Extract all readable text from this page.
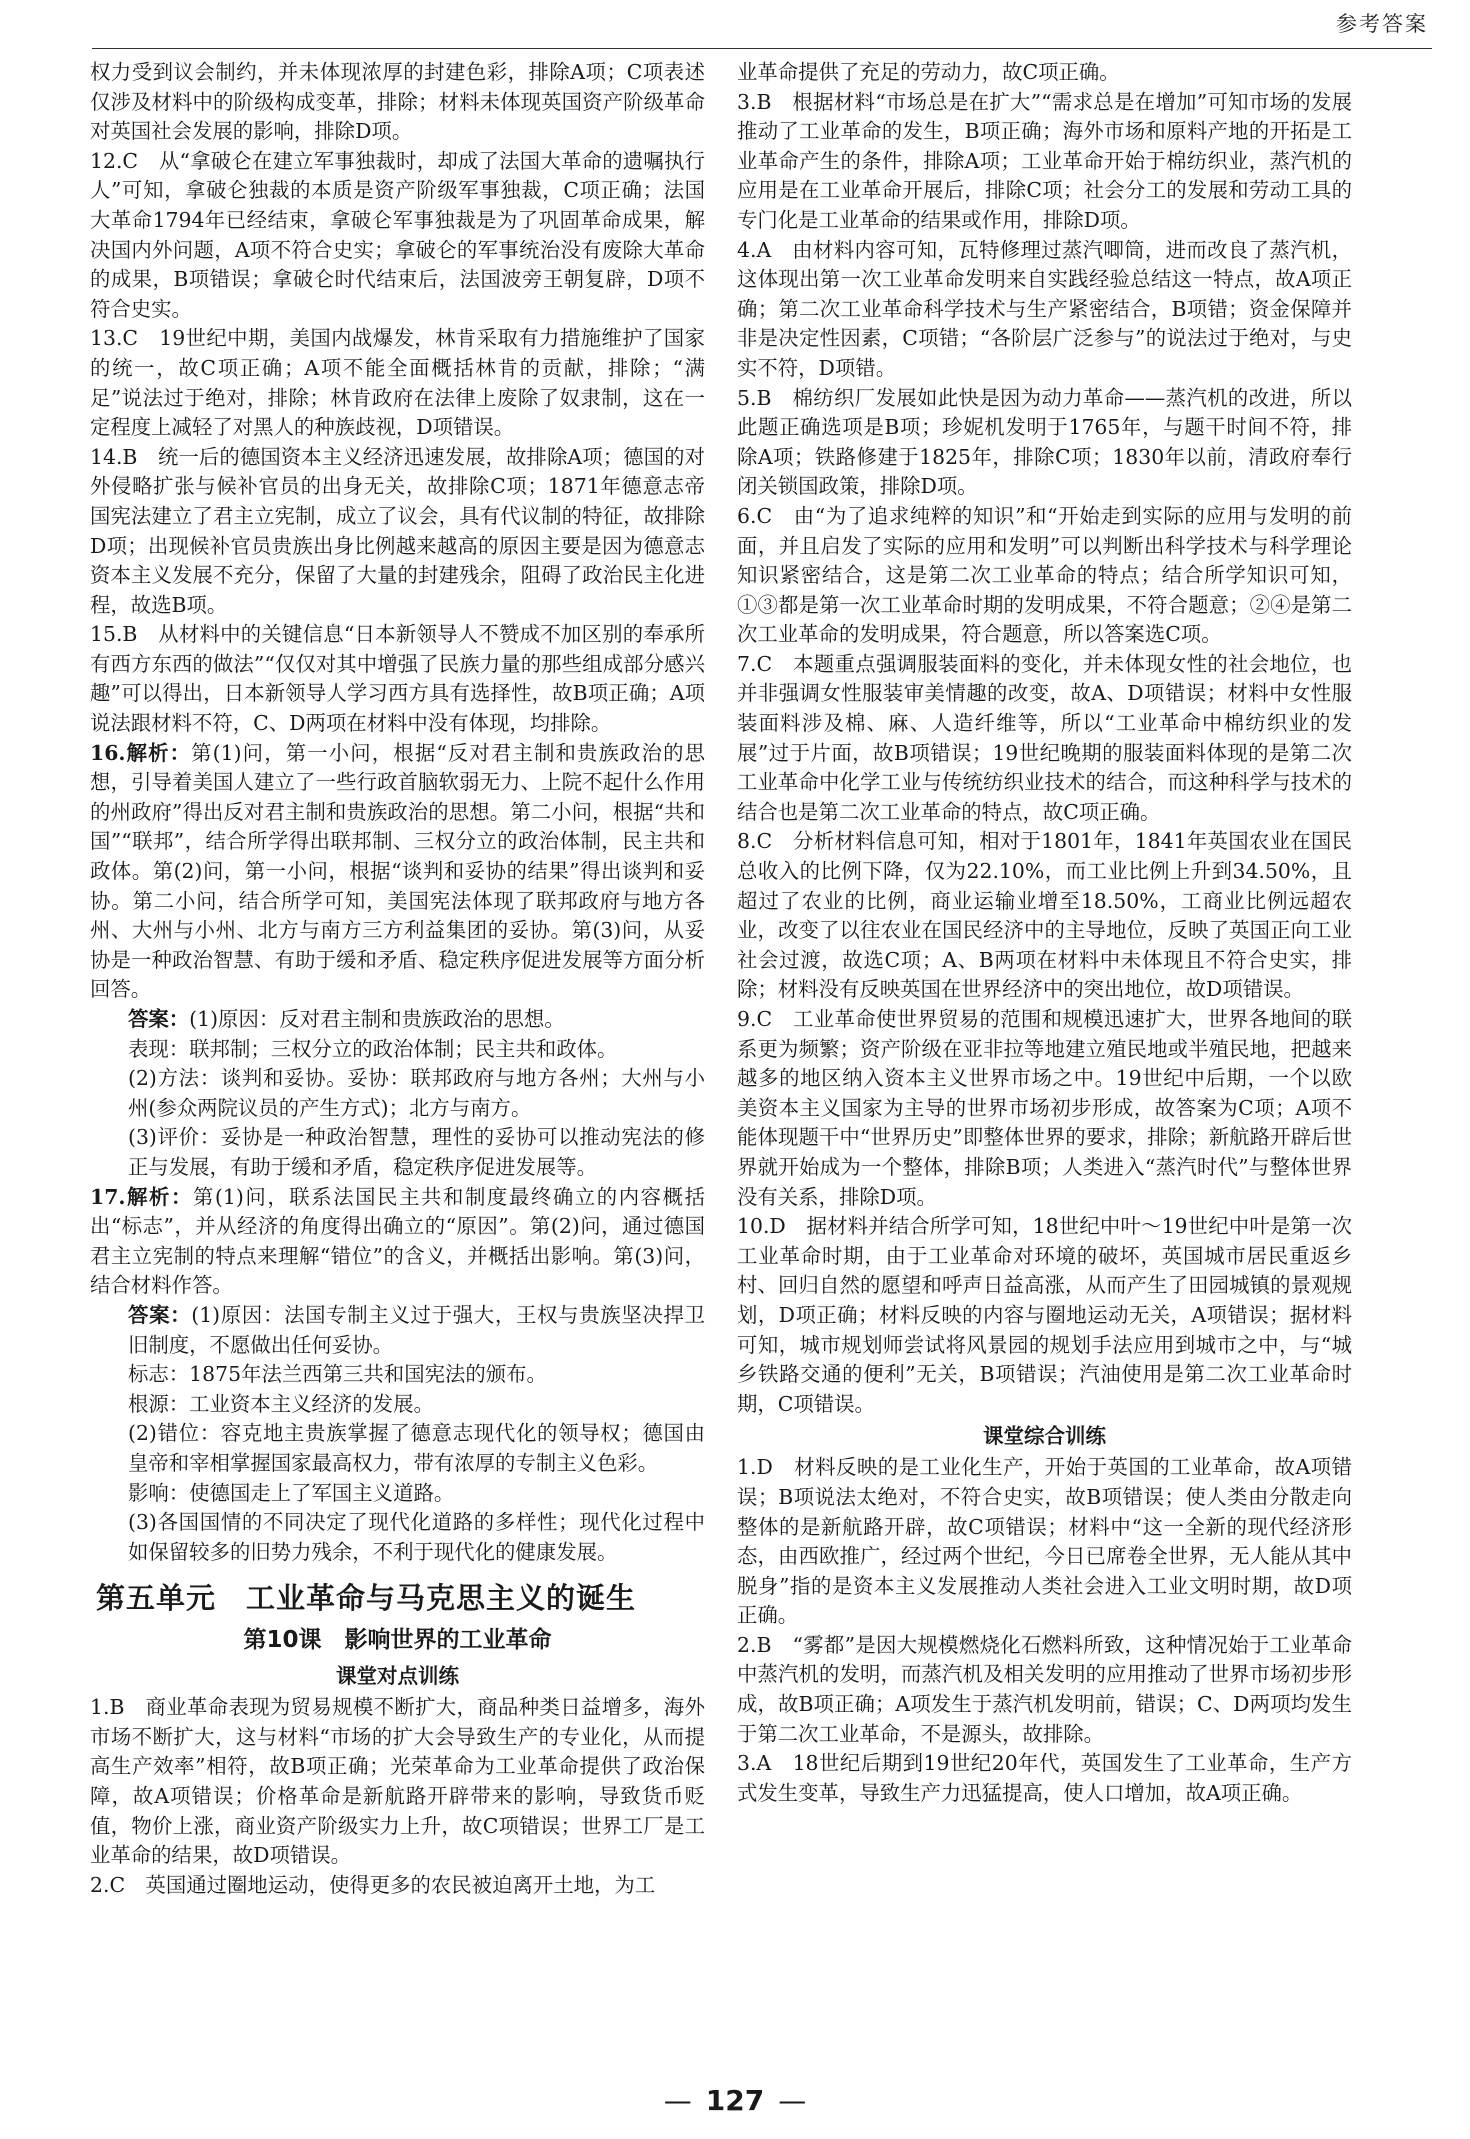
参考答案

权力受到议会制约，并未体现浓厚的封建色彩，排除A项；C项表述仅涉及材料中的阶级构成变革，排除；材料未体现英国资产阶级革命对英国社会发展的影响，排除D项。

12.C　从“拿破仑在建立军事独裁时，却成了法国大革命的遗嘱执行人”可知，拿破仑独裁的本质是资产阶级军事独裁，C项正确；法国大革命1794年已经结束，拿破仑军事独裁是为了巩固革命成果，解决国内外问题，A项不符合史实；拿破仑的军事统治没有废除大革命的成果，B项错误；拿破仑时代结束后，法国波旁王朝复辟，D项不符合史实。

13.C　19世纪中期，美国内战爆发，林肯采取有力措施维护了国家的统一，故C项正确；A项不能全面概括林肯的贡献，排除；“满足”说法过于绝对，排除；林肯政府在法律上废除了奴隶制，这在一定程度上减轻了对黑人的种族歧视，D项错误。

14.B　统一后的德国资本主义经济迅速发展，故排除A项；德国的对外侵略扩张与候补官员的出身无关，故排除C项；1871年德意志帝国宪法建立了君主立宪制，成立了议会，具有代议制的特征，故排除D项；出现候补官员贵族出身比例越来越高的原因主要是因为德意志资本主义发展不充分，保留了大量的封建残余，阻碍了政治民主化进程，故选B项。

15.B　从材料中的关键信息“日本新领导人不赞成不加区别的奉承所有西方东西的做法”“仅仅对其中增强了民族力量的那些组成部分感兴趣”可以得出，日本新领导人学习西方具有选择性，故B项正确；A项说法跟材料不符，C、D两项在材料中没有体现，均排除。

16.解析：第(1)问，第一小问，根据“反对君主制和贵族政治的思想，引导着美国人建立了一些行政首脑软弱无力、上院不起什么作用的州政府”得出反对君主制和贵族政治的思想。第二小问，根据“共和国”“联邦”，结合所学得出联邦制、三权分立的政治体制，民主共和政体。第(2)问，第一小问，根据“谈判和妥协的结果”得出谈判和妥协。第二小问，结合所学可知，美国宪法体现了联邦政府与地方各州、大州与小州、北方与南方三方利益集团的妥协。第(3)问，从妥协是一种政治智慧、有助于缓和矛盾、稳定秩序促进发展等方面分析回答。

答案：(1)原因：反对君主制和贵族政治的思想。

表现：联邦制；三权分立的政治体制；民主共和政体。

(2)方法：谈判和妥协。妥协：联邦政府与地方各州；大州与小州(参众两院议员的产生方式)；北方与南方。

(3)评价：妥协是一种政治智慧，理性的妥协可以推动宪法的修正与发展，有助于缓和矛盾，稳定秩序促进发展等。

17.解析：第(1)问，联系法国民主共和制度最终确立的内容概括出“标志”，并从经济的角度得出确立的“原因”。第(2)问，通过德国君主立宪制的特点来理解“错位”的含义，并概括出影响。第(3)问，结合材料作答。

答案：(1)原因：法国专制主义过于强大，王权与贵族坚决捍卫旧制度，不愿做出任何妥协。

标志：1875年法兰西第三共和国宪法的颁布。

根源：工业资本主义经济的发展。

(2)错位：容克地主贵族掌握了德意志现代化的领导权；德国由皇帝和宰相掌握国家最高权力，带有浓厚的专制主义色彩。

影响：使德国走上了军国主义道路。

(3)各国国情的不同决定了现代化道路的多样性；现代化过程中如保留较多的旧势力残余，不利于现代化的健康发展。

第五单元　工业革命与马克思主义的诞生
第10课　影响世界的工业革命
课堂对点训练

1.B　商业革命表现为贸易规模不断扩大，商品种类日益增多，海外市场不断扩大，这与材料“市场的扩大会导致生产的专业化，从而提高生产效率”相符，故B项正确；光荣革命为工业革命提供了政治保障，故A项错误；价格革命是新航路开辟带来的影响，导致货币贬值，物价上涨，商业资产阶级实力上升，故C项错误；世界工厂是工业革命的结果，故D项错误。

2.C　英国通过圈地运动，使得更多的农民被迫离开土地，为工

业革命提供了充足的劳动力，故C项正确。

3.B　根据材料“市场总是在扩大”“需求总是在增加”可知市场的发展推动了工业革命的发生，B项正确；海外市场和原料产地的开拓是工业革命产生的条件，排除A项；工业革命开始于棉纺织业，蒸汽机的应用是在工业革命开展后，排除C项；社会分工的发展和劳动工具的专门化是工业革命的结果或作用，排除D项。

4.A　由材料内容可知，瓦特修理过蒸汽唧筒，进而改良了蒸汽机，这体现出第一次工业革命发明来自实践经验总结这一特点，故A项正确；第二次工业革命科学技术与生产紧密结合，B项错；资金保障并非是决定性因素，C项错；“各阶层广泛参与”的说法过于绝对，与史实不符，D项错。

5.B　棉纺织厂发展如此快是因为动力革命——蒸汽机的改进，所以此题正确选项是B项；珍妮机发明于1765年，与题干时间不符，排除A项；铁路修建于1825年，排除C项；1830年以前，清政府奉行闭关锁国政策，排除D项。

6.C　由“为了追求纯粹的知识”和“开始走到实际的应用与发明的前面，并且启发了实际的应用和发明”可以判断出科学技术与科学理论知识紧密结合，这是第二次工业革命的特点；结合所学知识可知，①③都是第一次工业革命时期的发明成果，不符合题意；②④是第二次工业革命的发明成果，符合题意，所以答案选C项。

7.C　本题重点强调服装面料的变化，并未体现女性的社会地位，也并非强调女性服装审美情趣的改变，故A、D项错误；材料中女性服装面料涉及棉、麻、人造纤维等，所以“工业革命中棉纺织业的发展”过于片面，故B项错误；19世纪晚期的服装面料体现的是第二次工业革命中化学工业与传统纺织业技术的结合，而这种科学与技术的结合也是第二次工业革命的特点，故C项正确。

8.C　分析材料信息可知，相对于1801年，1841年英国农业在国民总收入的比例下降，仅为22.10%，而工业比例上升到34.50%，且超过了农业的比例，商业运输业增至18.50%，工商业比例远超农业，改变了以往农业在国民经济中的主导地位，反映了英国正向工业社会过渡，故选C项；A、B两项在材料中未体现且不符合史实，排除；材料没有反映英国在世界经济中的突出地位，故D项错误。

9.C　工业革命使世界贸易的范围和规模迅速扩大，世界各地间的联系更为频繁；资产阶级在亚非拉等地建立殖民地或半殖民地，把越来越多的地区纳入资本主义世界市场之中。19世纪中后期，一个以欧美资本主义国家为主导的世界市场初步形成，故答案为C项；A项不能体现题干中“世界历史”即整体世界的要求，排除；新航路开辟后世界就开始成为一个整体，排除B项；人类进入“蒸汽时代”与整体世界没有关系，排除D项。

10.D　据材料并结合所学可知，18世纪中叶～19世纪中叶是第一次工业革命时期，由于工业革命对环境的破坏，英国城市居民重返乡村、回归自然的愿望和呼声日益高涨，从而产生了田园城镇的景观规划，D项正确；材料反映的内容与圈地运动无关，A项错误；据材料可知，城市规划师尝试将风景园的规划手法应用到城市之中，与“城乡铁路交通的便利”无关，B项错误；汽油使用是第二次工业革命时期，C项错误。

课堂综合训练

1.D　材料反映的是工业化生产，开始于英国的工业革命，故A项错误；B项说法太绝对，不符合史实，故B项错误；使人类由分散走向整体的是新航路开辟，故C项错误；材料中“这一全新的现代经济形态，由西欧推广，经过两个世纪，今日已席卷全世界，无人能从其中脱身”指的是资本主义发展推动人类社会进入工业文明时期，故D项正确。

2.B　“雾都”是因大规模燃烧化石燃料所致，这种情况始于工业革命中蒸汽机的发明，而蒸汽机及相关发明的应用推动了世界市场初步形成，故B项正确；A项发生于蒸汽机发明前，错误；C、D两项均发生于第二次工业革命，不是源头，故排除。

3.A　18世纪后期到19世纪20年代，英国发生了工业革命，生产方式发生变革，导致生产力迅猛提高，使人口增加，故A项正确。

— 127 —
